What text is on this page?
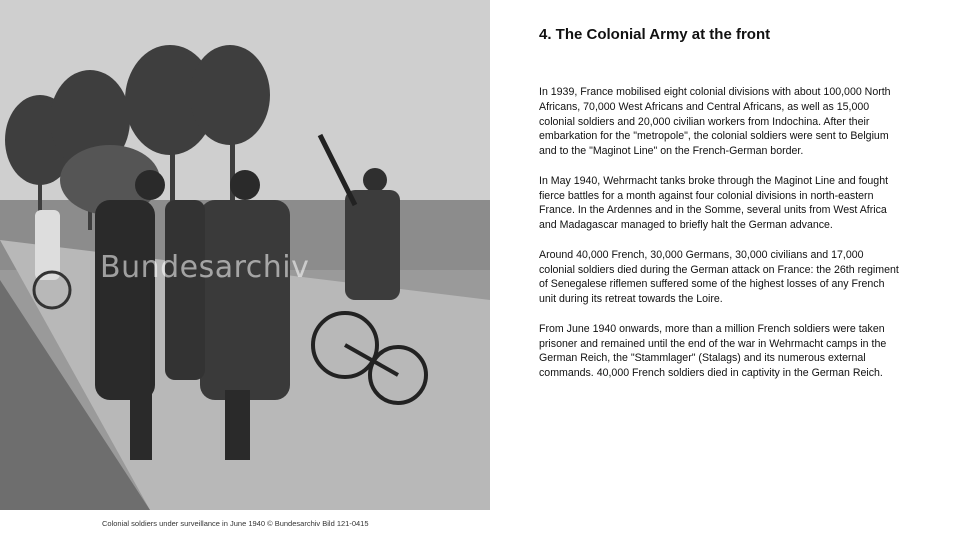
Bundesarchiv
Colonial soldiers under surveillance in June 1940 © Bundesarchiv Bild 121-0415
4. The Colonial Army at the front

In 1939, France mobilised eight colonial divisions with about 100,000 North Africans, 70,000 West Africans and Central Africans, as well as 15,000 colonial soldiers and 20,000 civilian workers from Indochina. After their embarkation for the "metropole", the colonial soldiers were sent to Belgium and to the "Maginot Line" on the French-German border.

In May 1940, Wehrmacht tanks broke through the Maginot Line and fought fierce battles for a month against four colonial divisions in north-eastern France. In the Ardennes and in the Somme, several units from West Africa and Madagascar managed to briefly halt the German advance.

Around 40,000 French, 30,000 Germans, 30,000 civilians and 17,000 colonial soldiers died during the German attack on France: the 26th regiment of Senegalese riflemen suffered some of the highest losses of any French unit during its retreat towards the Loire.

From June 1940 onwards, more than a million French soldiers were taken prisoner and remained until the end of the war in Wehrmacht camps in the German Reich, the "Stammlager" (Stalags) and its numerous external commands. 40,000 French soldiers died in captivity in the German Reich.
